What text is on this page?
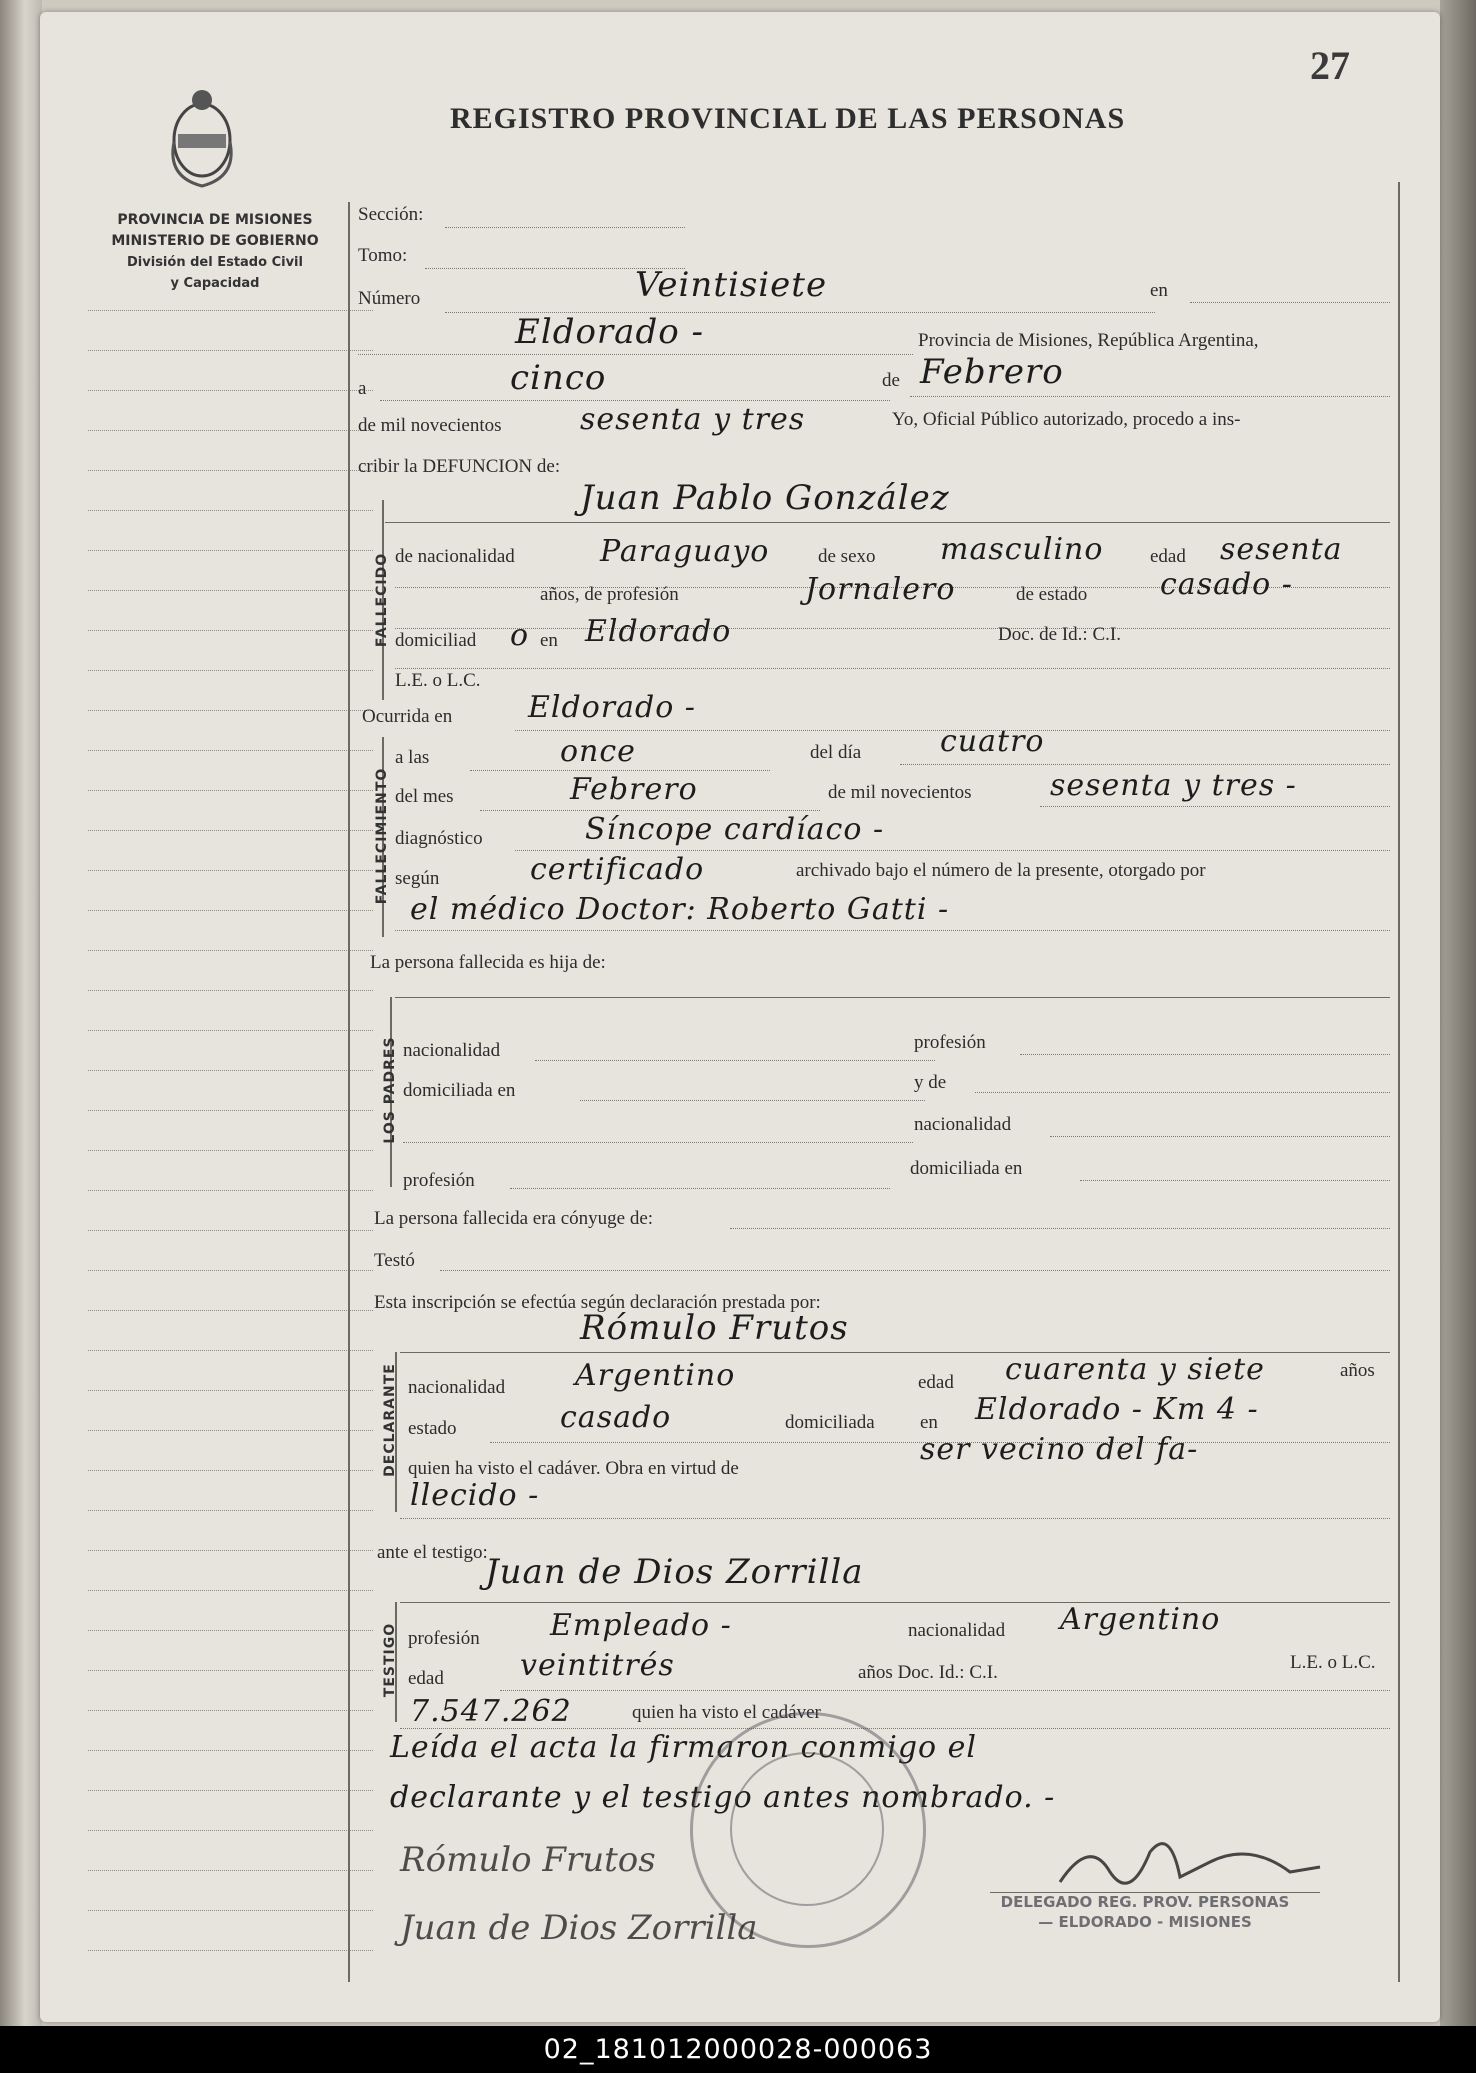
27
REGISTRO PROVINCIAL DE LAS PERSONAS
PROVINCIA DE MISIONES
MINISTERIO DE GOBIERNO
División del Estado Civil
y Capacidad
Sección:
Tomo:
Número	Veintisiete	en
Eldorado -	Provincia de Misiones, República Argentina,
a	cinco	de Febrero
de mil novecientos	sesenta y tres	Yo, Oficial Público autorizado, procedo a ins-
cribir la DEFUNCION de:
FALLECIDO
Juan Pablo González
de nacionalidad	Paraguayo	de sexo masculino edad sesenta
años, de profesión	Jornalero	de estado casado -
domiciliad o en Eldorado	Doc. de Id.: C.I.
L.E. o L.C.
Ocurrida en	Eldorado -
FALLECIMIENTO
a las	once	del día	cuatro
del mes	Febrero	de mil novecientos	sesenta y tres -
diagnóstico	Síncope cardíaco -
según	certificado	archivado bajo el número de la presente, otorgado por
el médico Doctor: Roberto Gatti -
La persona fallecida es hija de:
LOS PADRES nacionalidad	profesión
domiciliada en	y de
nacionalidad
profesión
domiciliada en
La persona fallecida era cónyuge de:
Testó
Esta inscripción se efectúa según declaración prestada por:
Rómulo Frutos
DECLARANTE nacionalidad Argentino	edad cuarenta y siete	años
estado	casado	domiciliada en Eldorado - Km 4 -
quien ha visto el cadáver. Obra en virtud de
ser vecino del fa-
llecido -
ante el testigo:
Juan de Dios Zorrilla
TESTIGO profesión Empleado -	nacionalidad Argentino
edad	veintitrés	años Doc. Id.: C.I.	L.E. o L.C.
7.547.262	quien ha visto el cadáver
Leída el acta la firmaron conmigo el
declarante y el testigo antes nombrado. -
DELEGADO REG. PROV. PERSONAS — ELDORADO - MISIONES
Rómulo Frutos
Juan de Dios Zorrilla
02_181012000028-000063
